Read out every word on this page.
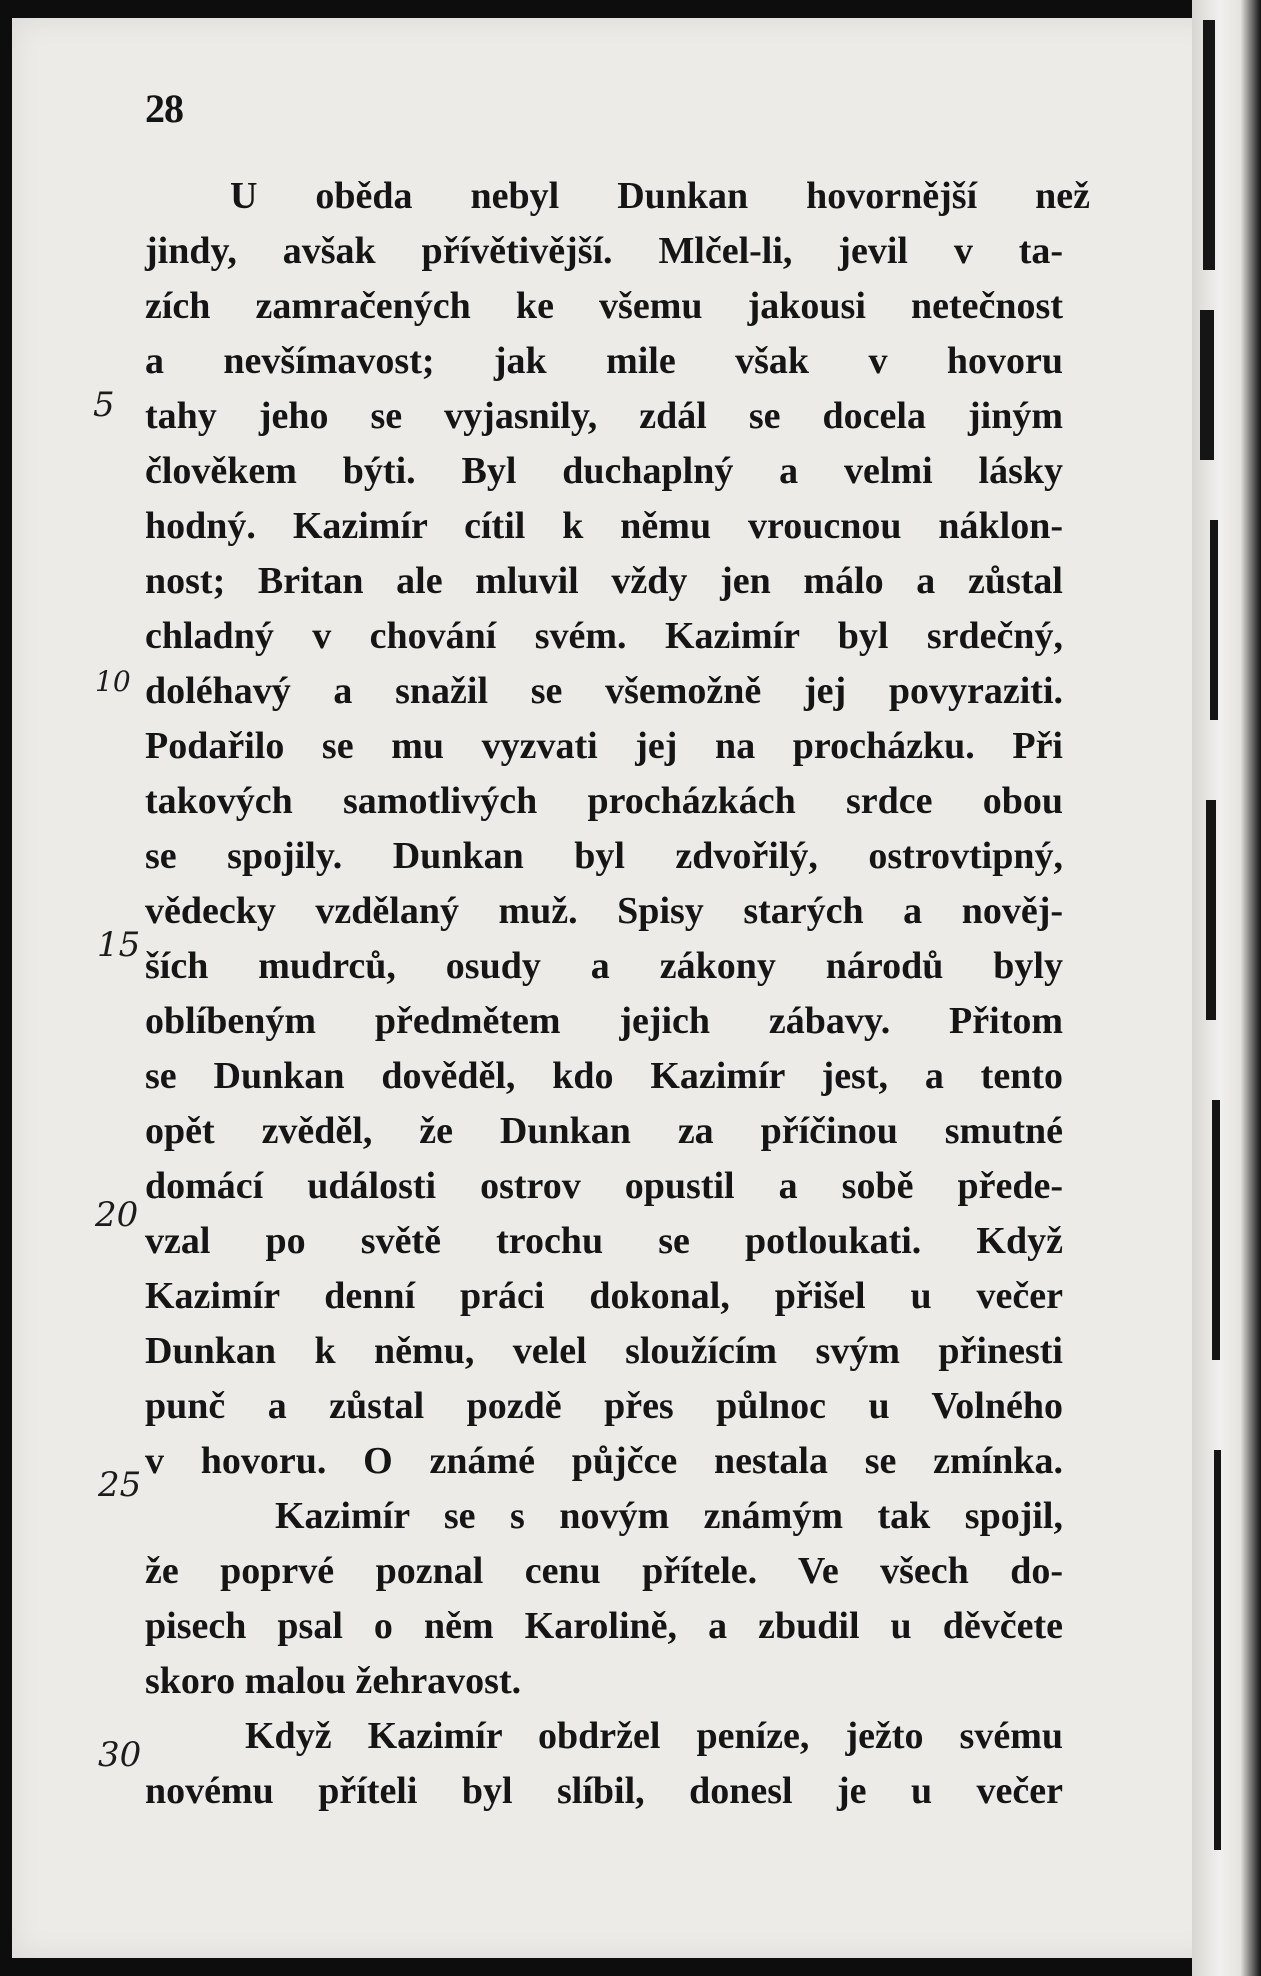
28
5
10
15
20
25
30
U obědа nebyl Dunkan hovornější než
jindy, avšak přívětivější. Mlčel-li, jevil v ta-
zích zamračených ke všemu jakousi netečnost
a nevšímavost; jak mile však v hovoru
tahy jeho se vyjasnily, zdál se docela jiným
člověkem býti. Byl duchaplný a velmi lásky
hodný. Kazimír cítil k němu vroucnou náklon-
nost; Britan ale mluvil vždy jen málo a zůstal
chladný v chování svém. Kazimír byl srdečný,
doléhavý a snažil se všemožně jej povyraziti.
Podařilo se mu vyzvati jej na procházku. Při
takových samotlivých procházkách srdce obou
se spojily. Dunkan byl zdvořilý, ostrovtipný,
vědecky vzdělaný muž. Spisy starých a nověj-
ších mudrců, osudy a zákony národů byly
oblíbeným předmětem jejich zábavy. Přitom
se Dunkan dověděl, kdo Kazimír jest, a tento
opět zvěděl, že Dunkan za příčinou smutné
domácí události ostrov opustil a sobě přede-
vzal po světě trochu se potloukati. Když
Kazimír denní práci dokonal, přišel u večer
Dunkan k němu, velel sloužícím svým přinesti
punč a zůstal pozdě přes půlnoc u Volného
v hovoru. O známé půjčce nestala se zmínka.
Kazimír se s novým známým tak spojil,
že poprvé poznal cenu přítele. Ve všech do-
pisech psal o něm Karolině, a zbudil u děvčete
skoro malou žehravost.
Když Kazimír obdržel peníze, ježto svému
novému příteli byl slíbil, donesl je u večer
